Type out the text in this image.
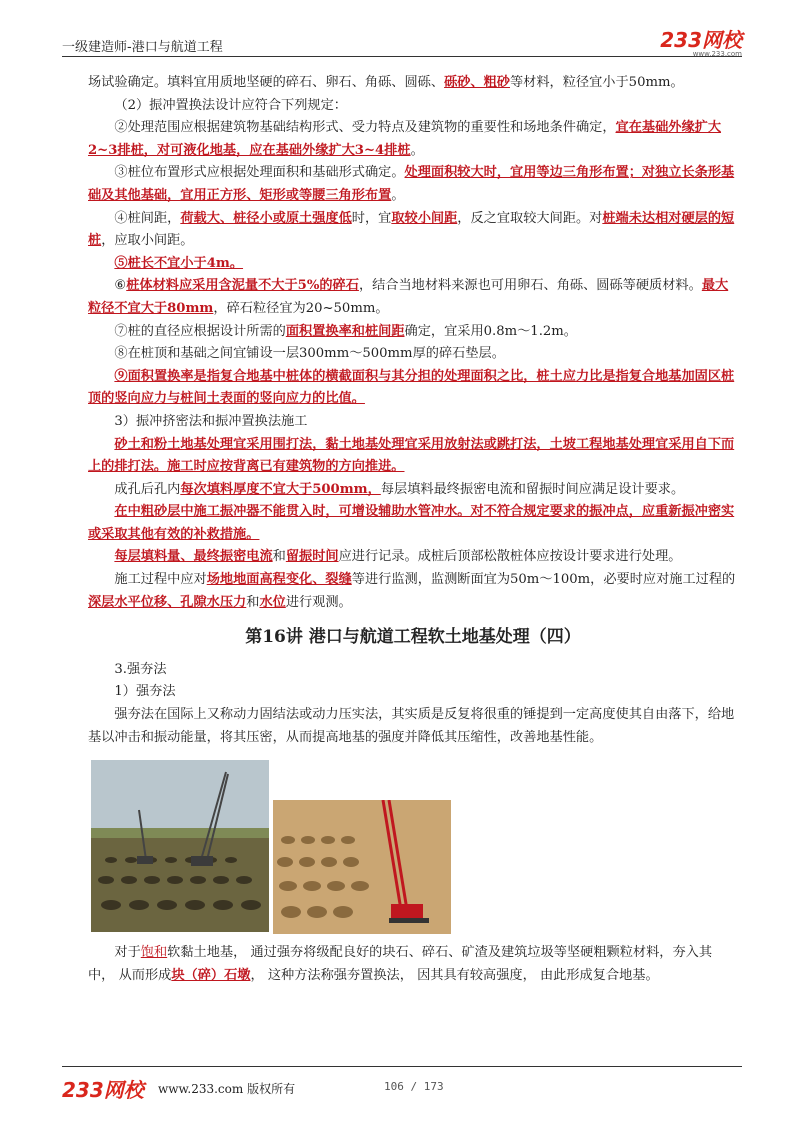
一级建造师-港口与航道工程	233网校
www.233.com

场试验确定。填料宜用质地坚硬的碎石、卵石、角砾、圆砾、砾砂、粗砂等材料，粒径宜小于50mm。

（2）振冲置换法设计应符合下列规定：

②处理范围应根据建筑物基础结构形式、受力特点及建筑物的重要性和场地条件确定，宜在基础外缘扩大2~3排桩，对可液化地基，应在基础外缘扩大3~4排桩。

③桩位布置形式应根据处理面积和基础形式确定。处理面积较大时，宜用等边三角形布置；对独立长条形基础及其他基础，宜用正方形、矩形或等腰三角形布置。

④桩间距，荷载大、桩径小或原土强度低时，宜取较小间距，反之宜取较大间距。对桩端未达相对硬层的短桩，应取小间距。

⑤桩长不宜小于4m。

⑥桩体材料应采用含泥量不大于5%的碎石，结合当地材料来源也可用卵石、角砾、圆砾等硬质材料。最大粒径不宜大于80mm，碎石粒径宜为20~50mm。

⑦桩的直径应根据设计所需的面积置换率和桩间距确定，宜采用0.8m～1.2m。

⑧在桩顶和基础之间宜铺设一层300mm～500mm厚的碎石垫层。

⑨面积置换率是指复合地基中桩体的横截面积与其分担的处理面积之比，桩土应力比是指复合地基加固区桩顶的竖向应力与桩间土表面的竖向应力的比值。

3）振冲挤密法和振冲置换法施工

砂土和粉土地基处理宜采用围打法，黏土地基处理宜采用放射法或跳打法，土坡工程地基处理宜采用自下而上的排打法。施工时应按背离已有建筑物的方向推进。

成孔后孔内每次填料厚度不宜大于500mm，每层填料最终振密电流和留振时间应满足设计要求。

在中粗砂层中施工振冲器不能贯入时，可增设辅助水管冲水。对不符合规定要求的振冲点，应重新振冲密实或采取其他有效的补救措施。

每层填料量、最终振密电流和留振时间应进行记录。成桩后顶部松散桩体应按设计要求进行处理。

施工过程中应对场地地面高程变化、裂缝等进行监测，监测断面宜为50m～100m，必要时应对施工过程的深层水平位移、孔隙水压力和水位进行观测。

第16讲 港口与航道工程软土地基处理（四）

3.强夯法

1）强夯法

强夯法在国际上又称动力固结法或动力压实法，其实质是反复将很重的锤提到一定高度使其自由落下，给地基以冲击和振动能量，将其压密，从而提高地基的强度并降低其压缩性，改善地基性能。

对于饱和软黏土地基， 通过强夯将级配良好的块石、碎石、矿渣及建筑垃圾等坚硬粗颗粒材料，夯入其中， 从而形成块（碎）石墩， 这种方法称强夯置换法， 因其具有较高强度， 由此形成复合地基。

233网校 www.233.com 版权所有	106 / 173
